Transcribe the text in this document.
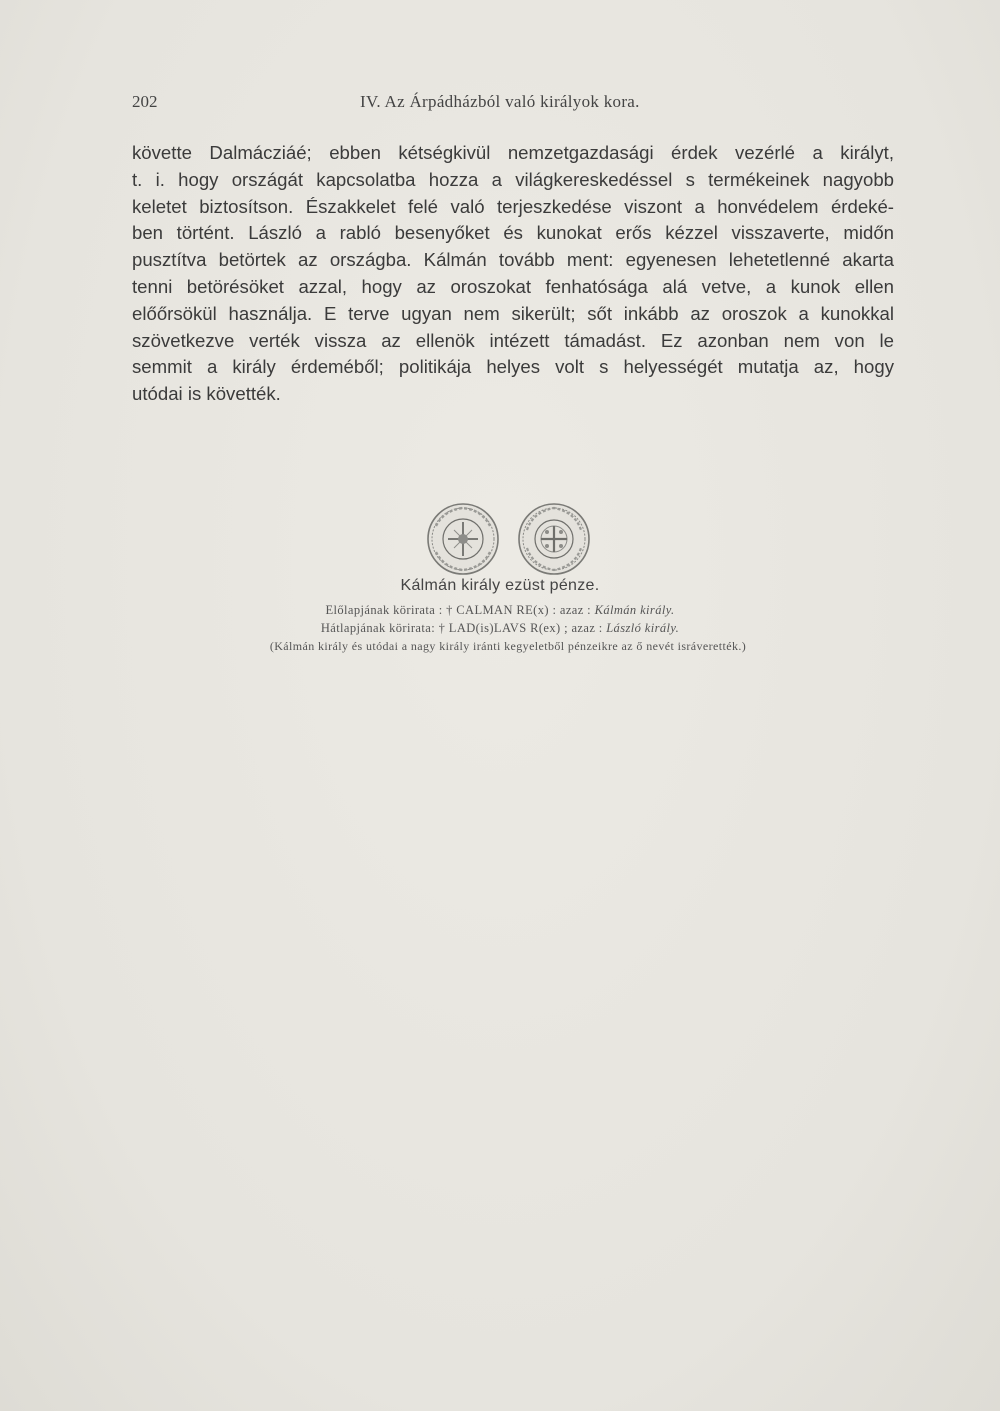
202	IV. Az Árpádházból való királyok kora.
követte Dalmácziáé; ebben kétségkivül nemzetgazdasági érdek vezérlé a királyt,
t. i. hogy országát kapcsolatba hozza a világkereskedéssel s termékeinek nagyobb
keletet biztosítson. Északkelet felé való terjeszkedése viszont a honvédelem érdeké-
ben történt. László a rabló besenyőket és kunokat erős kézzel visszaverte, midőn
pusztítva betörtek az országba. Kálmán tovább ment: egyenesen lehetetlenné akarta
tenni betörésöket azzal, hogy az oroszokat fenhatósága alá vetve, a kunok ellen
előőrsökül használja. E terve ugyan nem sikerült; sőt inkább az oroszok a kunokkal
szövetkezve verték vissza az ellenök intézett támadást. Ez azonban nem von le
semmit a király érdeméből; politikája helyes volt s helyességét mutatja az, hogy
utódai is követték.
Kálmán király ezüst pénze.
Előlapjának körirata : † CALMAN RE(x) : azaz : Kálmán király.
Hátlapjának körirata: † LAD(is)LAVS R(ex) ; azaz : László király.
(Kálmán király és utódai a nagy király iránti kegyeletből pénzeikre az ő nevét isráverették.)
